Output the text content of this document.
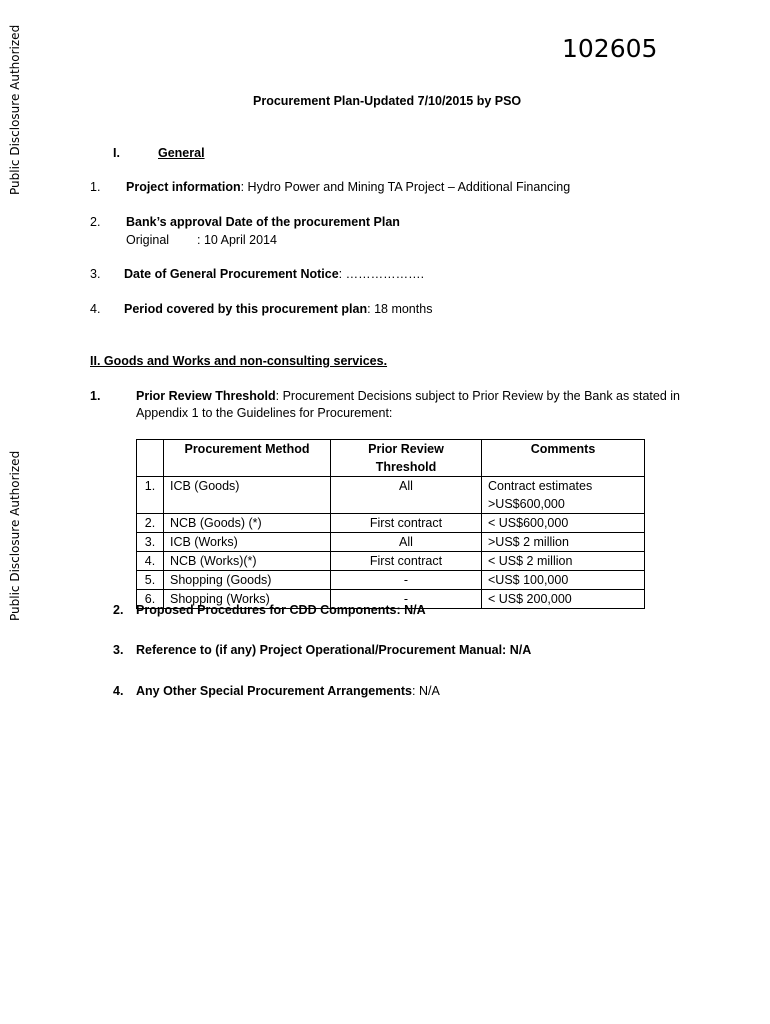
Public Disclosure Authorized
Public Disclosure Authorized
102605
Procurement Plan-Updated 7/10/2015 by PSO
I.	General
1. Project information: Hydro Power and Mining TA Project – Additional Financing
2. Bank’s approval Date of the procurement Plan
Original : 10 April 2014
3. Date of General Procurement Notice: ……………….
4. Period covered by this procurement plan: 18 months
II. Goods and Works and non-consulting services.
1.	Prior Review Threshold: Procurement Decisions subject to Prior Review by the Bank as stated in
Appendix 1 to the Guidelines for Procurement:
	Procurement Method	Prior Review Threshold	Comments
1.	ICB (Goods)	All	Contract estimates
>US$600,000

2.	NCB (Goods) (*)	First contract	< US$600,000
3.	ICB (Works)	All	>US$ 2 million
4.	NCB (Works)(*)	First contract	< US$ 2 million
5.	Shopping (Goods)	-	<US$ 100,000
6.	Shopping (Works)	-	< US$ 200,000
2. Proposed Procedures for CDD Components: N/A
3. Reference to (if any) Project Operational/Procurement Manual: N/A
4. Any Other Special Procurement Arrangements: N/A
